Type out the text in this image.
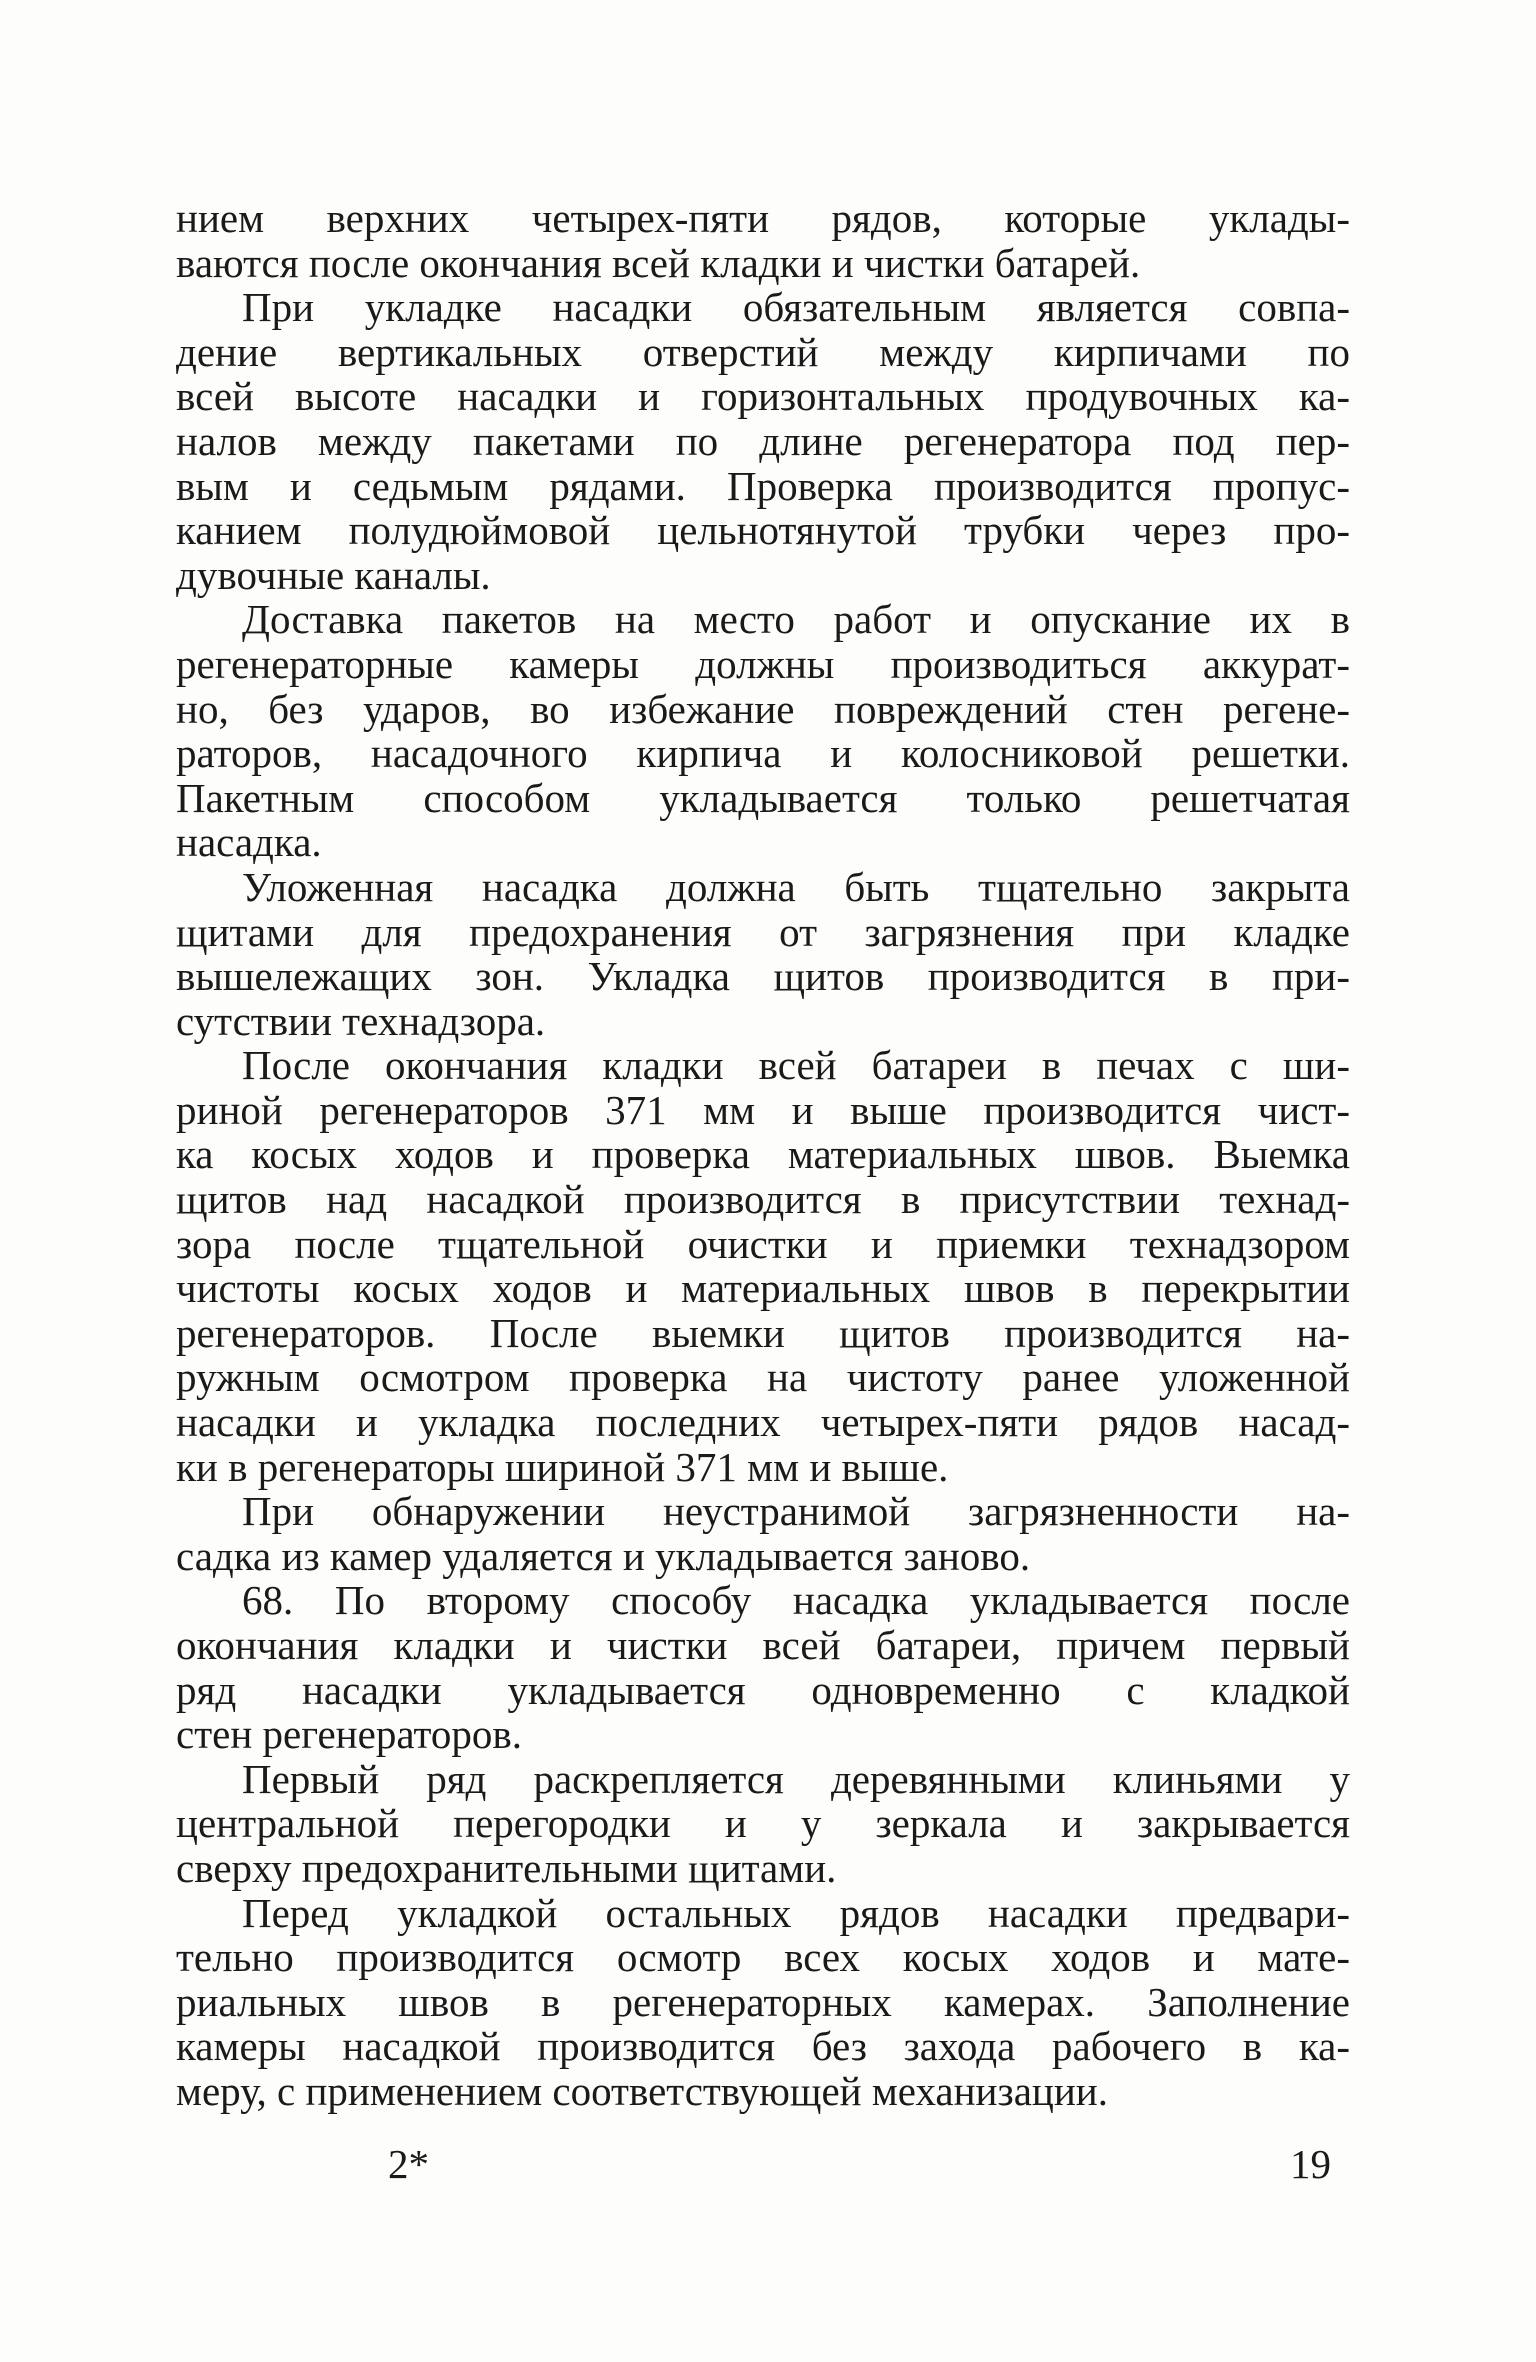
нием верхних четырех-пяти рядов, которые уклады-
ваются после окончания всей кладки и чистки батарей.

При укладке насадки обязательным является совпа-
дение вертикальных отверстий между кирпичами по
всей высоте насадки и горизонтальных продувочных ка-
налов между пакетами по длине регенератора под пер-
вым и седьмым рядами. Проверка производится пропус-
канием полудюймовой цельнотянутой трубки через про-
дувочные каналы.

Доставка пакетов на место работ и опускание их в
регенераторные камеры должны производиться аккурат-
но, без ударов, во избежание повреждений стен регене-
раторов, насадочного кирпича и колосниковой решетки.
Пакетным способом укладывается только решетчатая
насадка.

Уложенная насадка должна быть тщательно закрыта
щитами для предохранения от загрязнения при кладке
вышележащих зон. Укладка щитов производится в при-
сутствии технадзора.

После окончания кладки всей батареи в печах с ши-
риной регенераторов 371 мм и выше производится чист-
ка косых ходов и проверка материальных швов. Выемка
щитов над насадкой производится в присутствии технад-
зора после тщательной очистки и приемки технадзором
чистоты косых ходов и материальных швов в перекрытии
регенераторов. После выемки щитов производится на-
ружным осмотром проверка на чистоту ранее уложенной
насадки и укладка последних четырех-пяти рядов насад-
ки в регенераторы шириной 371 мм и выше.

При обнаружении неустранимой загрязненности на-
садка из камер удаляется и укладывается заново.

68. По второму способу насадка укладывается после
окончания кладки и чистки всей батареи, причем первый
ряд насадки укладывается одновременно с кладкой
стен регенераторов.

Первый ряд раскрепляется деревянными клиньями у
центральной перегородки и у зеркала и закрывается
сверху предохранительными щитами.

Перед укладкой остальных рядов насадки предвари-
тельно производится осмотр всех косых ходов и мате-
риальных швов в регенераторных камерах. Заполнение
камеры насадкой производится без захода рабочего в ка-
меру, с применением соответствующей механизации.

2*	19
